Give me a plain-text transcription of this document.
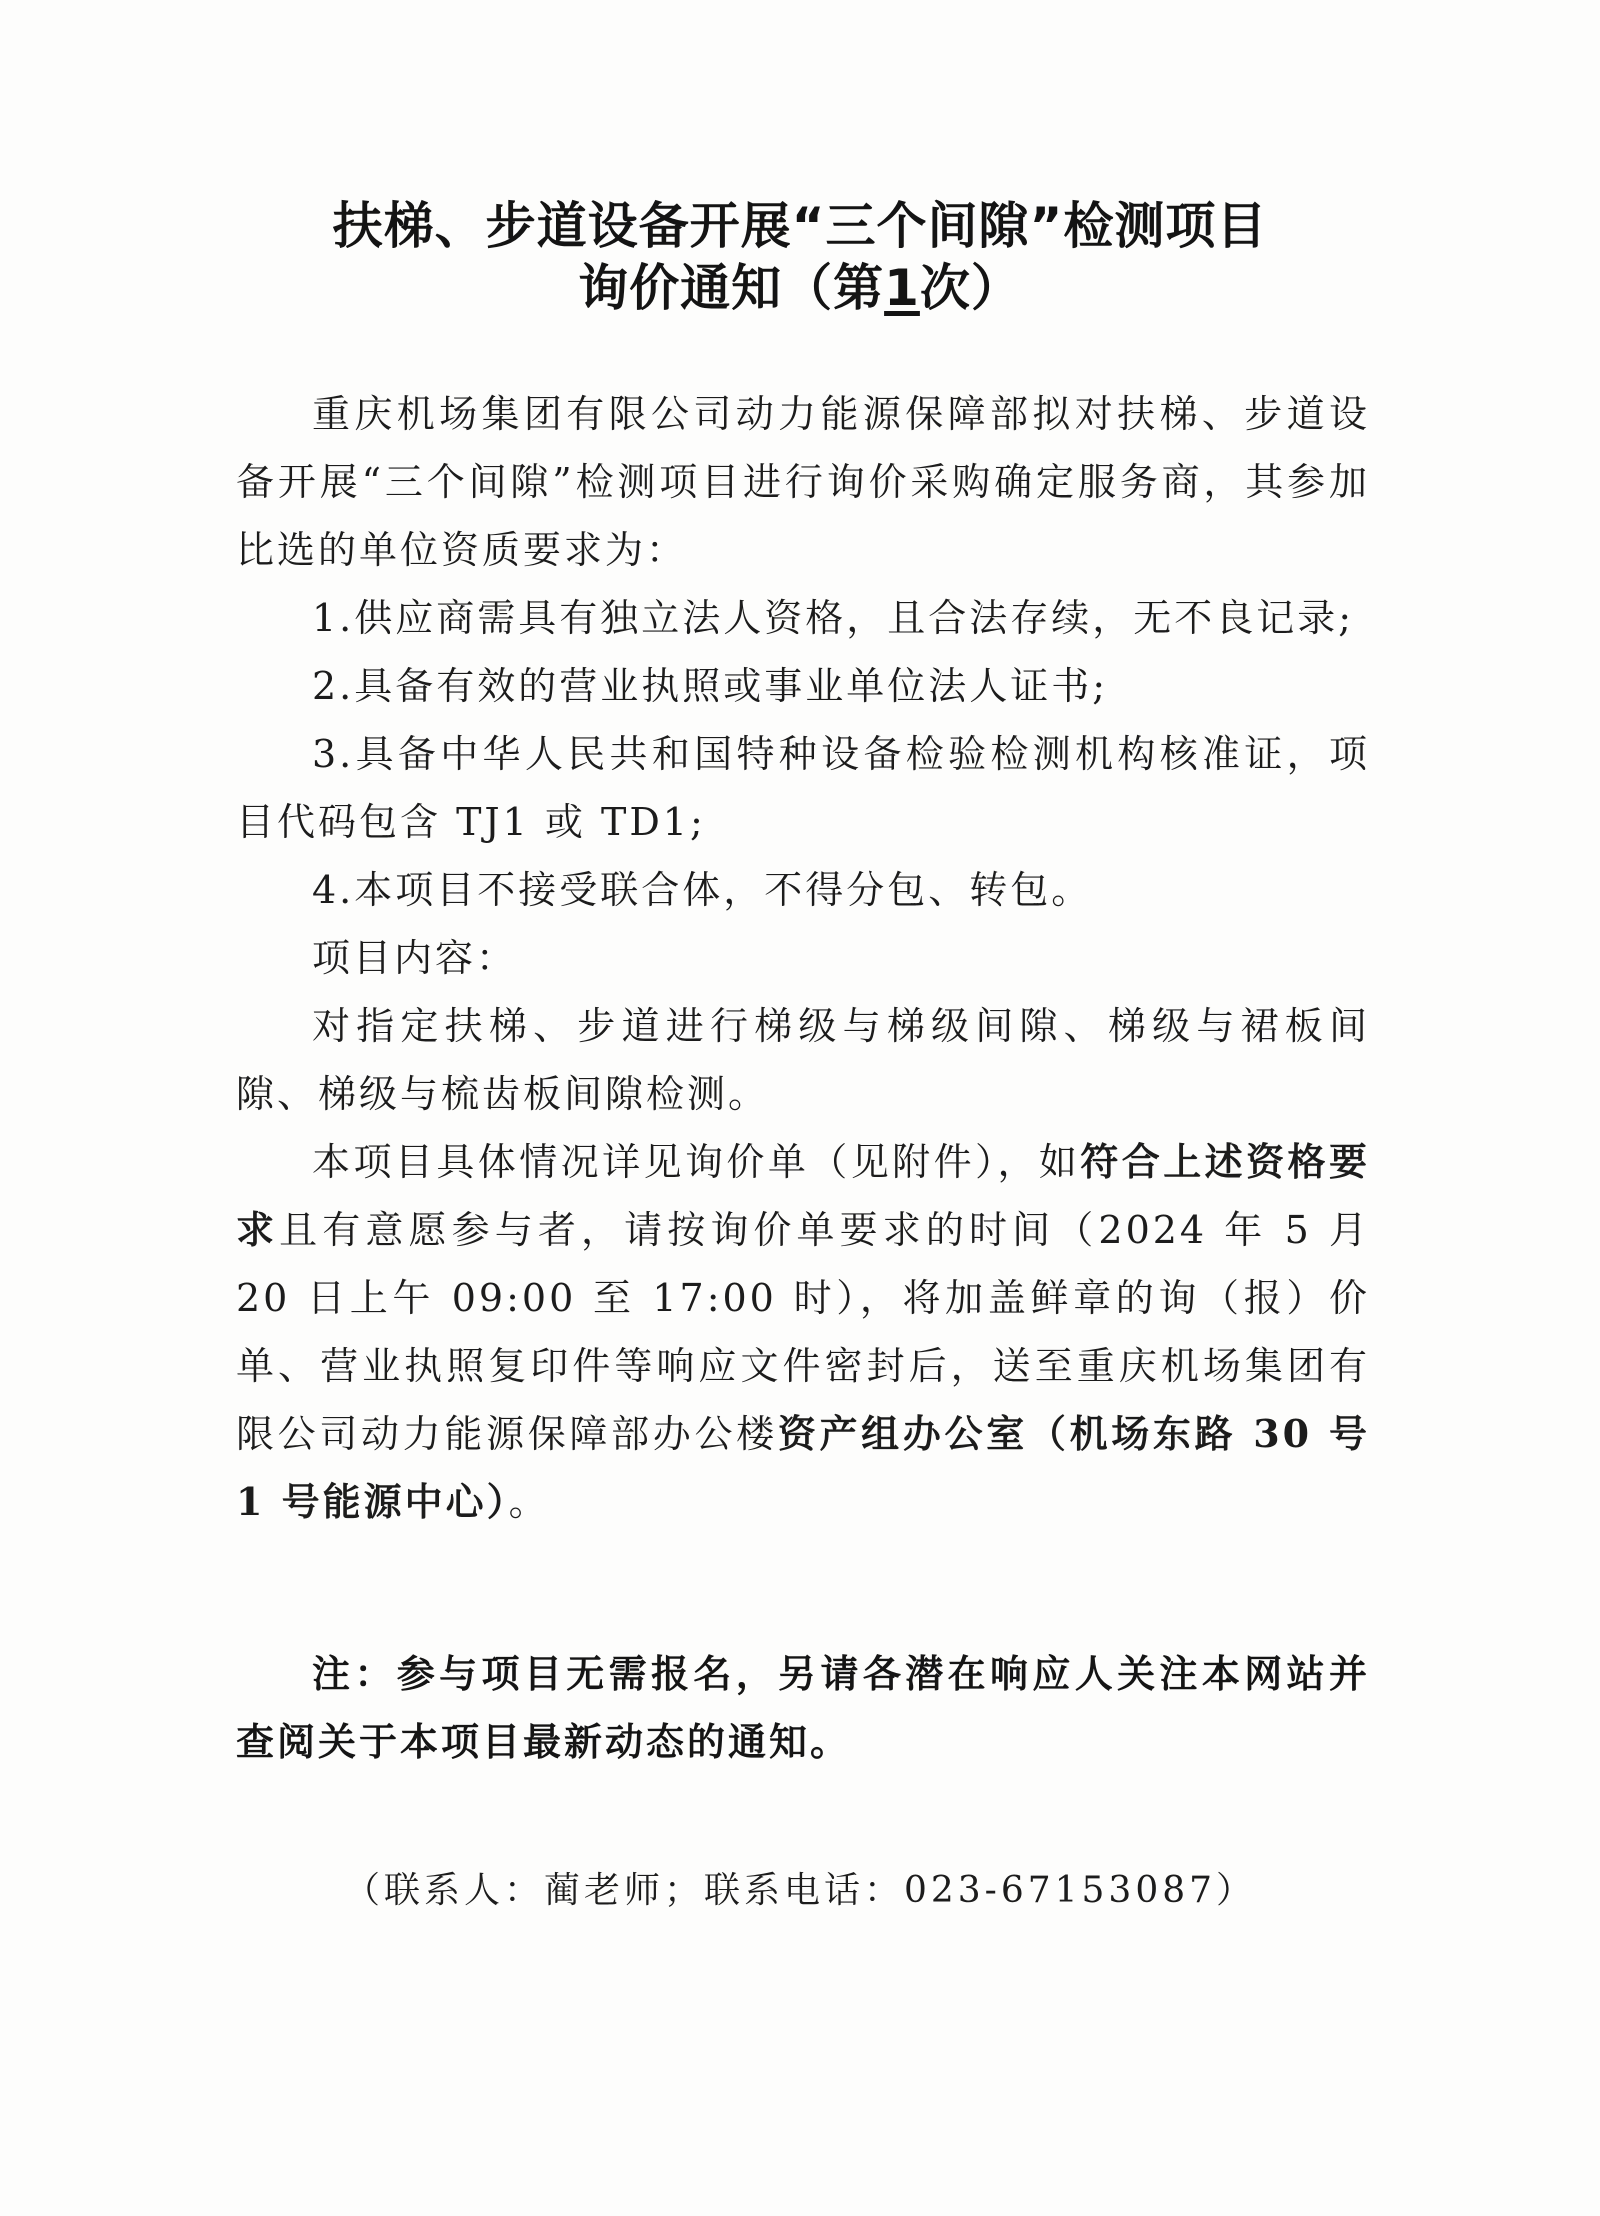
扶梯、步道设备开展“三个间隙”检测项目
询价通知（第1次）

重庆机场集团有限公司动力能源保障部拟对扶梯、步道设备开展“三个间隙”检测项目进行询价采购确定服务商，其参加比选的单位资质要求为：

1.供应商需具有独立法人资格，且合法存续，无不良记录;

2.具备有效的营业执照或事业单位法人证书;

3.具备中华人民共和国特种设备检验检测机构核准证，项目代码包含 TJ1 或 TD1;

4.本项目不接受联合体，不得分包、转包。

项目内容：

对指定扶梯、步道进行梯级与梯级间隙、梯级与裙板间隙、梯级与梳齿板间隙检测。

本项目具体情况详见询价单（见附件），如符合上述资格要求且有意愿参与者，请按询价单要求的时间（2024 年 5 月 20 日上午 09:00 至 17:00 时），将加盖鲜章的询（报）价单、营业执照复印件等响应文件密封后，送至重庆机场集团有限公司动力能源保障部办公楼资产组办公室（机场东路 30 号 1 号能源中心）。

注：参与项目无需报名，另请各潜在响应人关注本网站并查阅关于本项目最新动态的通知。

（联系人：蔺老师；联系电话：023-67153087）
